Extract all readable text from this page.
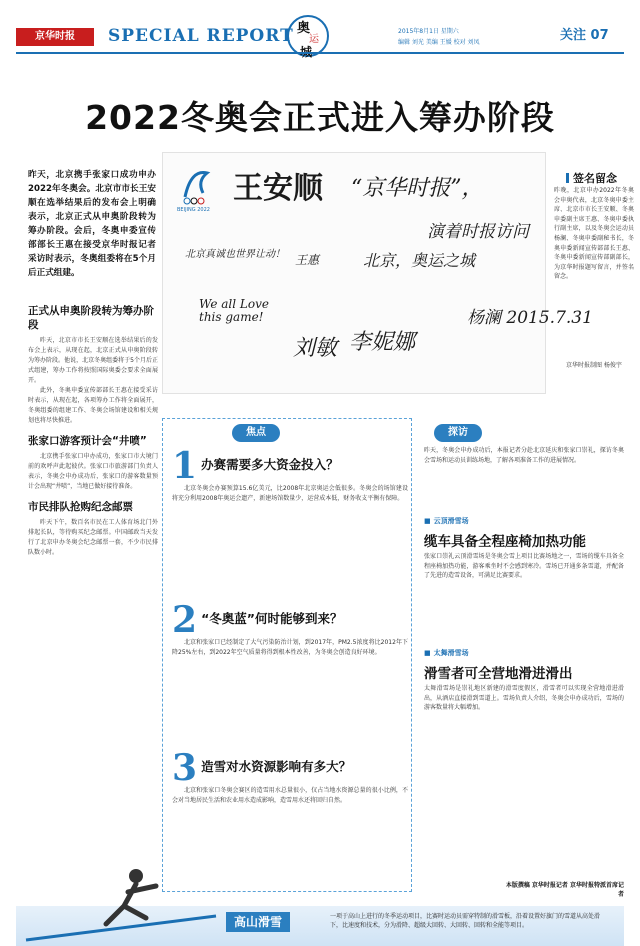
京华时报	SPECIAL REPORT 奥
运
2015年8月1日 星期六
编辑 刘光 美编 王媛 校对 刘凤	关注 07
2022冬奥会正式进入筹办阶段
昨天，北京携手张家口成功申办2022年冬奥会。北京市市长王安顺在选举结果后的发布会上明确表示，北京正式从申奥阶段转为筹办阶段。会后，冬奥申委宣传部部长王惠在接受京华时报记者采访时表示，冬奥组委将在5个月后正式组建。
BEIJING 2022
王安顺 “京华时报”，
北京真诚也世界让动！ 王惠
We all Love this game!
北京，奥运之城
演着时报访问
刘敏 李妮娜
杨澜 2015.7.31
签名留念
昨晚，北京申办2022年冬奥会申奥代表，北京冬奥申委主席、北京市市长王安顺、冬奥申委副主席王惠、冬奥申委执行副主席，以及冬奥会运动员杨澜、冬奥申委副秘书长，冬奥申委新闻宣传部部长王惠、冬奥申委新闻宣传部副部长，为京华时报题写留言，并签名留念。
京华时报制图 杨俊宇
正式从申奥阶段转为筹办阶段

昨天，北京市市长王安顺在选举结果后的发布会上表示，从现在起，北京正式从申奥阶段转为筹办阶段。他说，北京冬奥组委将于5个月后正式组建，筹办工作将按照国际奥委会要求全面展开。

此外，冬奥申委宣传部部长王惠在接受采访时表示，从现在起，各项筹办工作将全面展开，冬奥组委的组建工作、冬奥会场馆建设和相关规划也将尽快推进。

张家口游客预计会“井喷”

北京携手张家口申办成功，张家口市大境门前的欢呼声此起彼伏。张家口市旅游部门负责人表示，冬奥会申办成功后，张家口的游客数量预计会出现“井喷”，当地已做好接待准备。

市民排队抢购纪念邮票

昨天下午，数百名市民在工人体育场北门外排起长队，等待购买纪念邮票。中国邮政当天发行了北京申办冬奥会纪念邮票一套，不少市民排队数小时。

焦点
1 办赛需要多大资金投入？

北京冬奥会办赛预算15.6亿美元，比2008年北京奥运会低很多。冬奥会的场馆建设将充分利用2008年奥运会遗产，新建场馆数量少，运营成本低，财务收支平衡有保障。

2 “冬奥蓝”何时能够到来？

北京和张家口已经制定了大气污染防治计划，到2017年，PM2.5浓度将比2012年下降25%左右，到2022年空气质量将得到根本性改善，为冬奥会创造良好环境。

3 造雪对水资源影响有多大？

北京和张家口冬奥会赛区的造雪用水总量很小，仅占当地水资源总量的很小比例，不会对当地居民生活和农业用水造成影响，造雪用水还将回归自然。

探访
昨天，冬奥会申办成功后，本报记者分赴北京延庆和张家口崇礼，探访冬奥会雪场和运动员训练场地，了解各项准备工作的进展情况。
■ 云顶滑雪场
缆车具备全程座椅加热功能
张家口崇礼云顶滑雪场是冬奥会雪上项目比赛场地之一，雪场的缆车具备全程座椅加热功能，游客乘坐时不会感到寒冷。雪场已开通多条雪道，并配备了先进的造雪设备，可满足比赛要求。
■ 太舞滑雪场
滑雪者可全营地滑进滑出
太舞滑雪场是崇礼地区新建的滑雪度假区，滑雪者可以实现全营地滑进滑出，从酒店直接滑到雪道上。雪场负责人介绍，冬奥会申办成功后，雪场的游客数量将大幅增加。
本版撰稿 京华时报记者 京华时报特派首席记者
高山滑雪	一项于高山上进行的冬季运动项目，比赛时运动员需穿特制的滑雪板，沿着设置好旗门的雪道从高处滑下，比速度和技术，分为滑降、超级大回转、大回转、回转和全能等项目。
